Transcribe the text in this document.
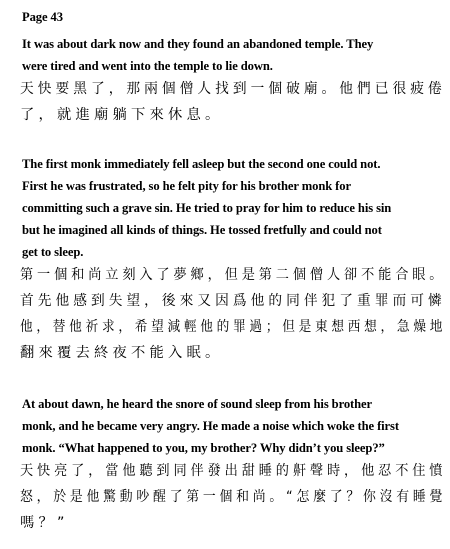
Page 43
It was about dark now and they found an abandoned temple. They
were tired and went into the temple to lie down.
天快要黑了，那兩個僧人找到一個破廟。他們已很疲倦
了，就進廟躺下來休息。
The first monk immediately fell asleep but the second one could not.
First he was frustrated, so he felt pity for his brother monk for
committing such a grave sin. He tried to pray for him to reduce his sin
but he imagined all kinds of things. He tossed fretfully and could not
get to sleep.
第一個和尚立刻入了夢鄉，但是第二個僧人卻不能合眼。
首先他感到失望，後來又因爲他的同伴犯了重罪而可憐
他，替他祈求，希望減輕他的罪過；但是東想西想，急燥地
翻來覆去終夜不能入眠。
At about dawn, he heard the snore of sound sleep from his brother
monk, and he became very angry. He made a noise which woke the first
monk. “What happened to you, my brother? Why didn’t you sleep?”
天快亮了，當他聽到同伴發出甜睡的鼾聲時，他忍不住憤
怒，於是他驚動吵醒了第一個和尚。“怎麼了？你沒有睡覺
嗎？”
